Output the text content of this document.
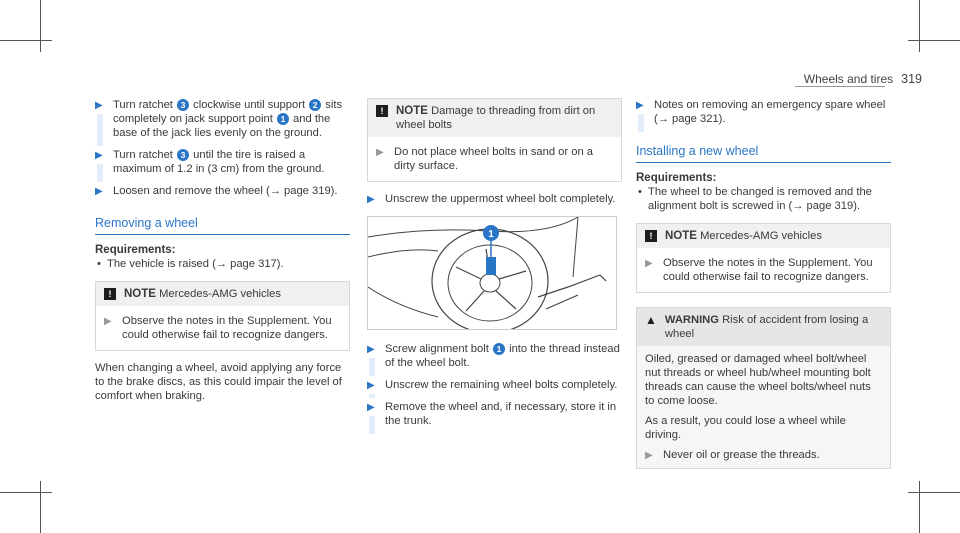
Wheels and tires 319
▶ Turn ratchet 3 clockwise until support 2 sits completely on jack support point 1 and the base of the jack lies evenly on the ground.
▶ Turn ratchet 3 until the tire is raised a maximum of 1.2 in (3 cm) from the ground.
▶ Loosen and remove the wheel (→ page 319).
Removing a wheel
Requirements:
• The vehicle is raised (→ page 317).
!	NOTE Mercedes-AMG vehicles
▶ Observe the notes in the Supplement. You could otherwise fail to recognize dangers.

When changing a wheel, avoid applying any force to the brake discs, as this could impair the level of comfort when braking.

!	NOTE Damage to threading from dirt on wheel bolts
▶ Do not place wheel bolts in sand or on a dirty surface.
▶ Unscrew the uppermost wheel bolt completely.
1
▶ Screw alignment bolt 1 into the thread instead of the wheel bolt.
▶ Unscrew the remaining wheel bolts completely.
▶ Remove the wheel and, if necessary, store it in the trunk.
▶ Notes on removing an emergency spare wheel (→ page 321).
Installing a new wheel
Requirements:
• The wheel to be changed is removed and the alignment bolt is screwed in (→ page 319).
!	NOTE Mercedes-AMG vehicles
▶ Observe the notes in the Supplement. You could otherwise fail to recognize dangers.
▲ WARNING Risk of accident from losing a wheel

Oiled, greased or damaged wheel bolt/wheel nut threads or wheel hub/wheel mounting bolt threads can cause the wheel bolts/wheel nuts to come loose.

As a result, you could lose a wheel while driving.

▶ Never oil or grease the threads.
